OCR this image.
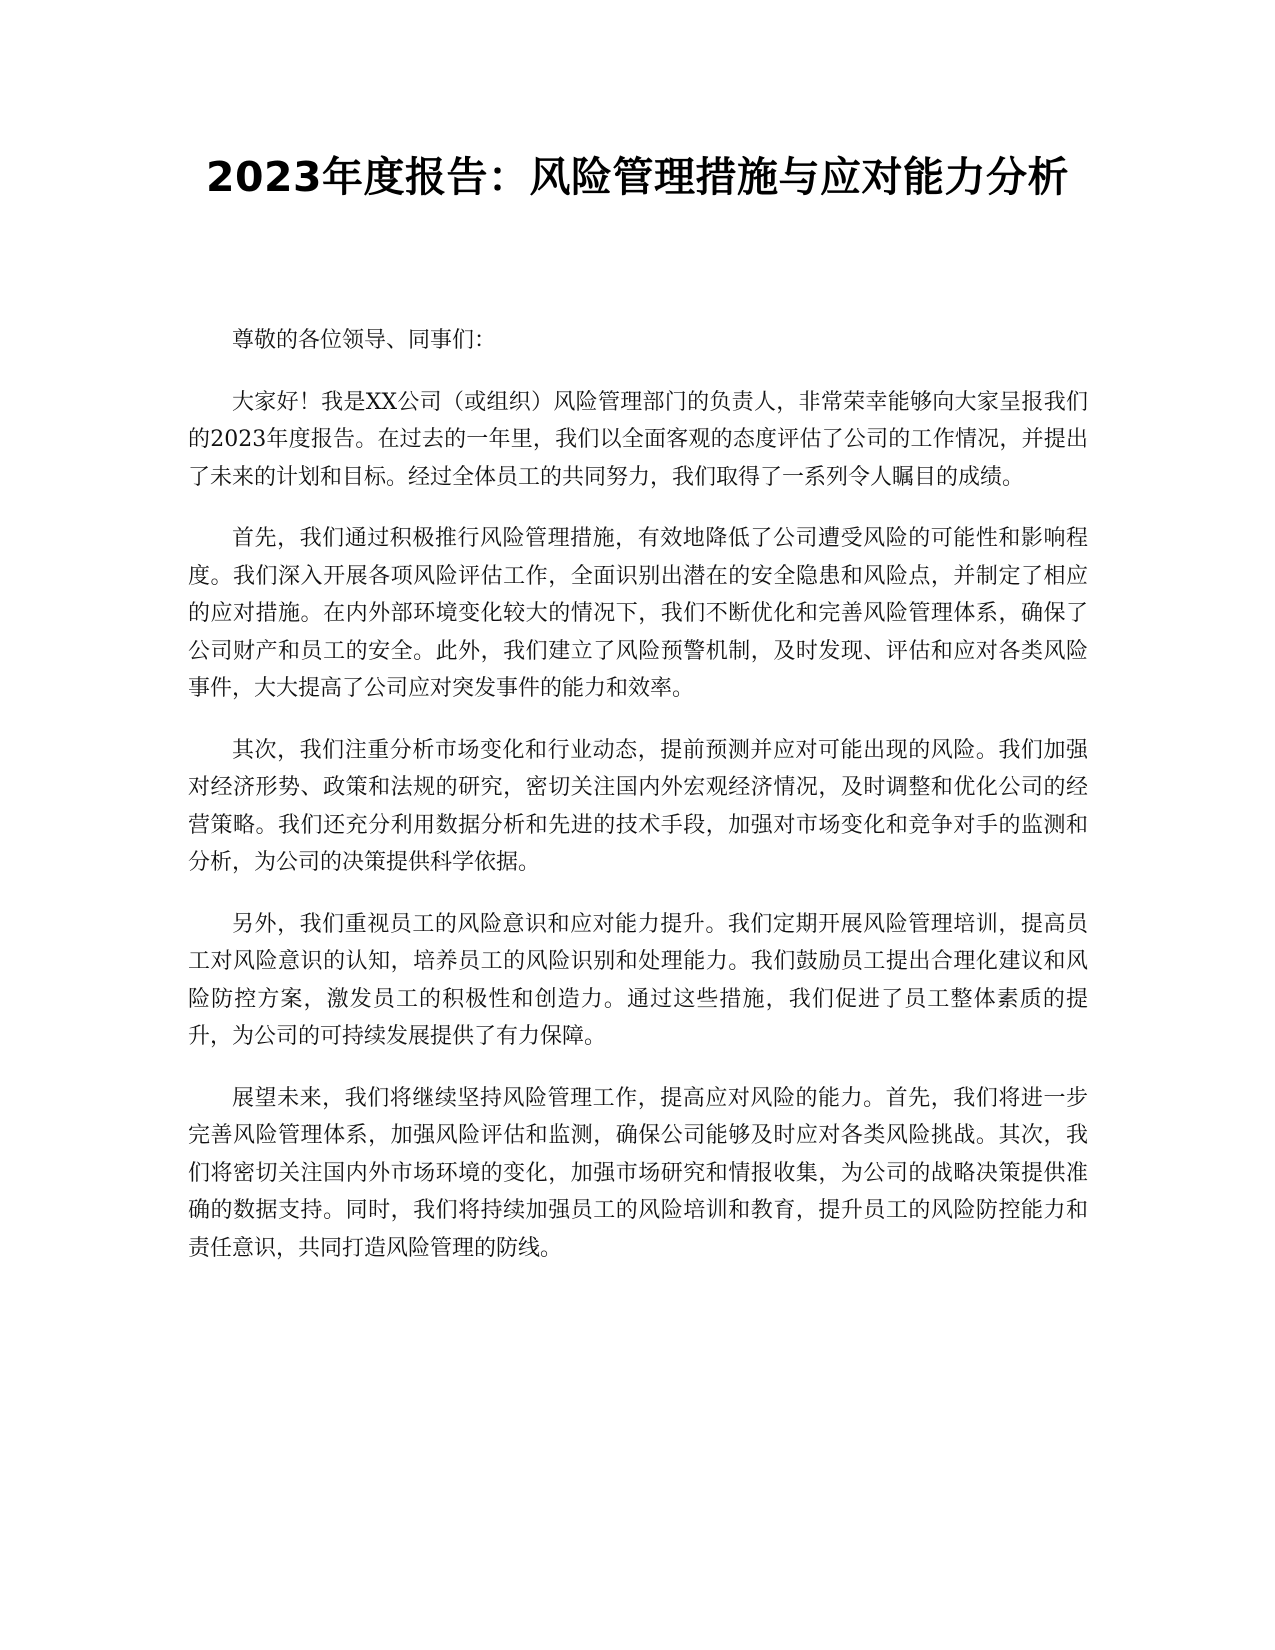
2023年度报告：风险管理措施与应对能力分析

尊敬的各位领导、同事们：

大家好！我是XX公司（或组织）风险管理部门的负责人，非常荣幸能够向大家呈报我们的2023年度报告。在过去的一年里，我们以全面客观的态度评估了公司的工作情况，并提出了未来的计划和目标。经过全体员工的共同努力，我们取得了一系列令人瞩目的成绩。

首先，我们通过积极推行风险管理措施，有效地降低了公司遭受风险的可能性和影响程度。我们深入开展各项风险评估工作，全面识别出潜在的安全隐患和风险点，并制定了相应的应对措施。在内外部环境变化较大的情况下，我们不断优化和完善风险管理体系，确保了公司财产和员工的安全。此外，我们建立了风险预警机制，及时发现、评估和应对各类风险事件，大大提高了公司应对突发事件的能力和效率。

其次，我们注重分析市场变化和行业动态，提前预测并应对可能出现的风险。我们加强对经济形势、政策和法规的研究，密切关注国内外宏观经济情况，及时调整和优化公司的经营策略。我们还充分利用数据分析和先进的技术手段，加强对市场变化和竞争对手的监测和分析，为公司的决策提供科学依据。

另外，我们重视员工的风险意识和应对能力提升。我们定期开展风险管理培训，提高员工对风险意识的认知，培养员工的风险识别和处理能力。我们鼓励员工提出合理化建议和风险防控方案，激发员工的积极性和创造力。通过这些措施，我们促进了员工整体素质的提升，为公司的可持续发展提供了有力保障。

展望未来，我们将继续坚持风险管理工作，提高应对风险的能力。首先，我们将进一步完善风险管理体系，加强风险评估和监测，确保公司能够及时应对各类风险挑战。其次，我们将密切关注国内外市场环境的变化，加强市场研究和情报收集，为公司的战略决策提供准确的数据支持。同时，我们将持续加强员工的风险培训和教育，提升员工的风险防控能力和责任意识，共同打造风险管理的防线。
